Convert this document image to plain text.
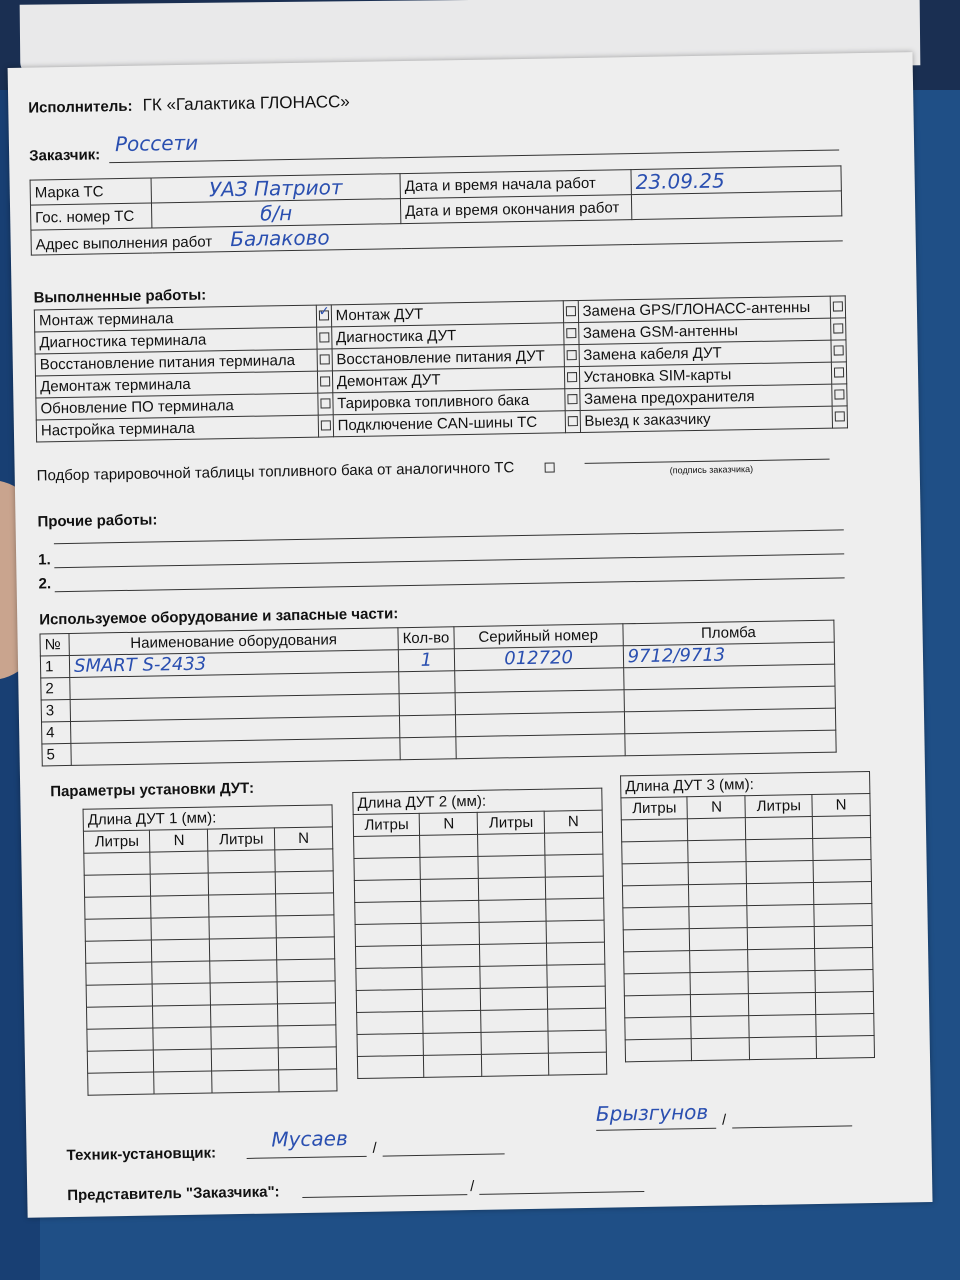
Исполнитель: ГК «Галактика ГЛОНАСС»
Заказчик: Россети
Марка ТС	УАЗ Патриот	Дата и время начала работ	23.09.25
Гос. номер ТС	б/н	Дата и время окончания работ	
Адрес выполнения работ Балаково			
Выполненные работы:
Монтаж терминала	✓	Монтаж ДУТ		Замена GPS/ГЛОНАСС-антенны	
Диагностика терминала		Диагностика ДУТ		Замена GSM-антенны	
Восстановление питания терминала		Восстановление питания ДУТ		Замена кабеля ДУТ	
Демонтаж терминала		Демонтаж ДУТ		Установка SIM-карты	
Обновление ПО терминала		Тарировка топливного бака		Замена предохранителя	
Настройка терминала		Подключение CAN-шины ТС		Выезд к заказчику	
Подбор тарировочной таблицы топливного бака от аналогичного ТС	(подпись заказчика)
Прочие работы:
1.
2.
Используемое оборудование и запасные части:
№	Наименование оборудования	Кол-во	Серийный номер	Пломба
1	SMART S-2433	1	012720	9712/9713
2				
3				
4				
5				
Параметры установки ДУТ:
Длина ДУТ 1 (мм):			
Литры	N	Литры	N

Длина ДУТ 2 (мм):			
Литры	N	Литры	N

Длина ДУТ 3 (мм):			
Литры	N	Литры	N

Техник-установщик:
Мусаев /
Брызгунов /
Представитель "Заказчика":	/
